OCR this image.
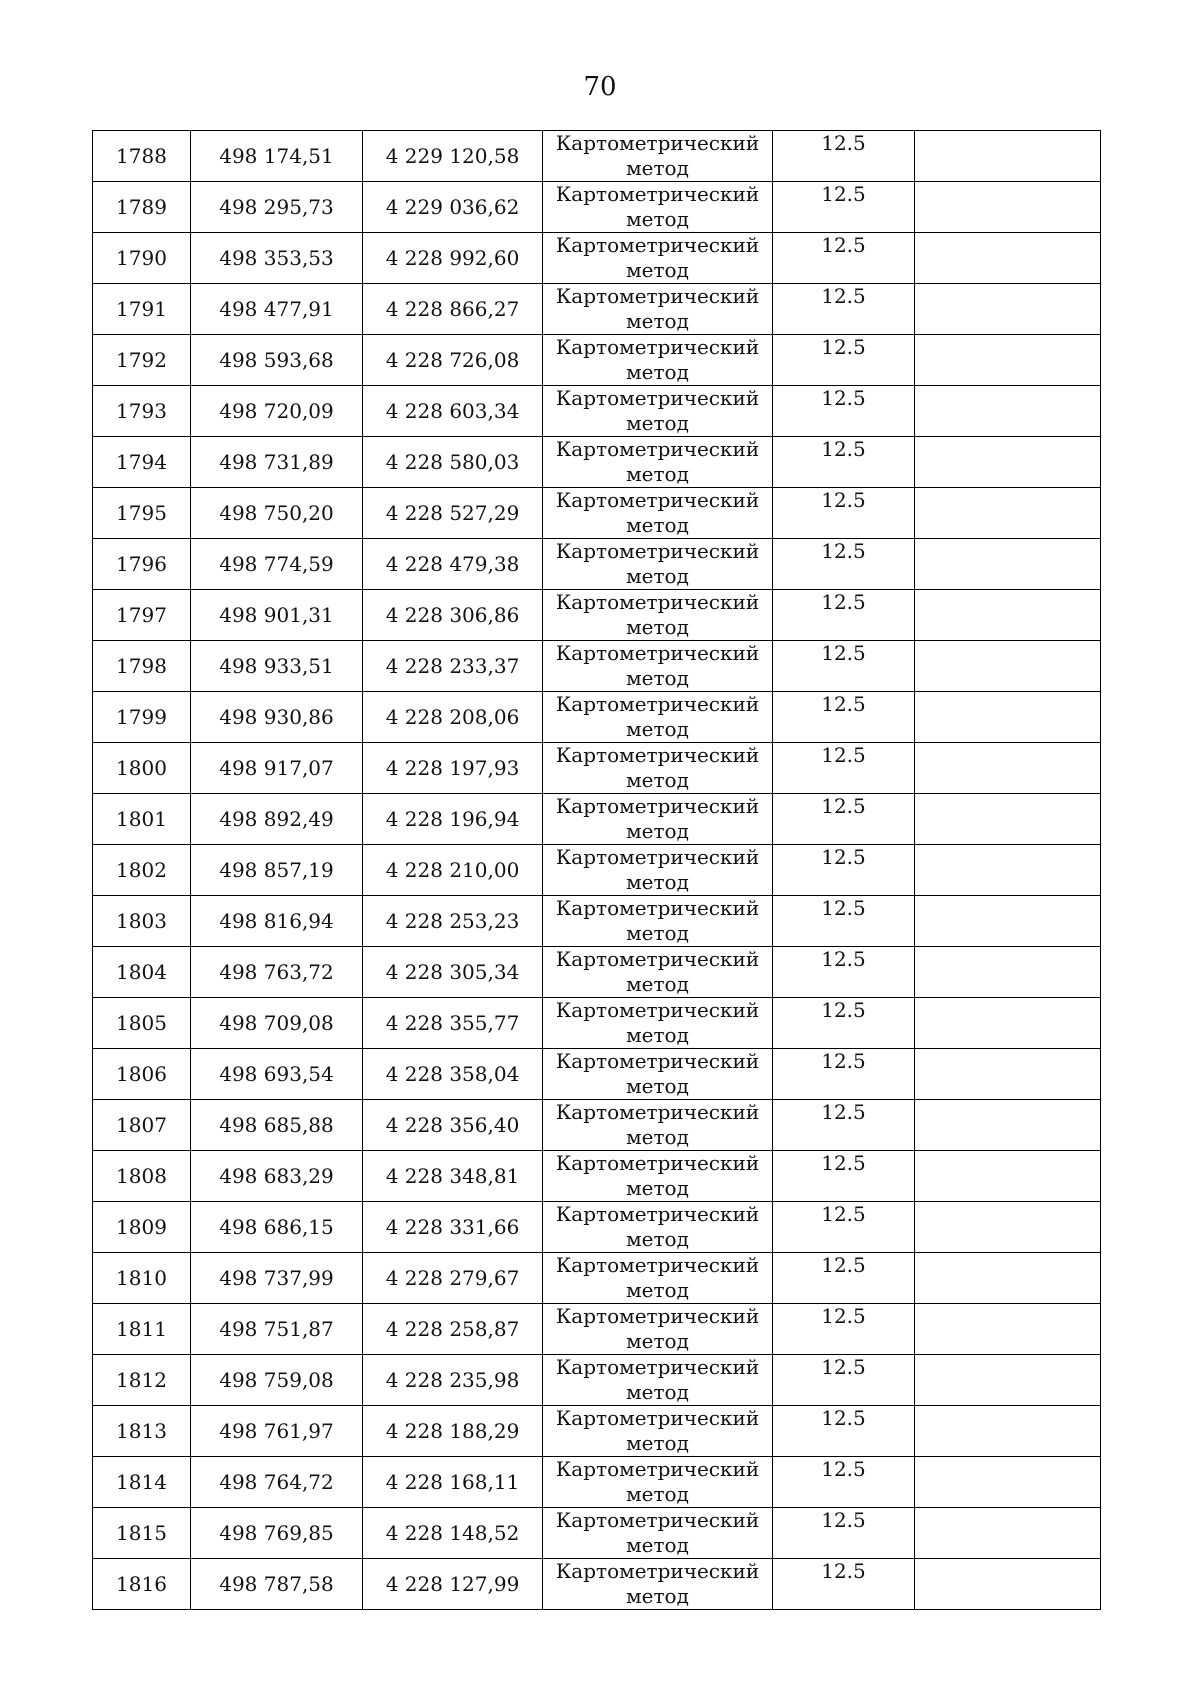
70
1788	498 174,51	4 229 120,58	Картометрический
метод	12.5	
1789	498 295,73	4 229 036,62	Картометрический
метод	12.5	
1790	498 353,53	4 228 992,60	Картометрический
метод	12.5	
1791	498 477,91	4 228 866,27	Картометрический
метод	12.5	
1792	498 593,68	4 228 726,08	Картометрический
метод	12.5	
1793	498 720,09	4 228 603,34	Картометрический
метод	12.5	
1794	498 731,89	4 228 580,03	Картометрический
метод	12.5	
1795	498 750,20	4 228 527,29	Картометрический
метод	12.5	
1796	498 774,59	4 228 479,38	Картометрический
метод	12.5	
1797	498 901,31	4 228 306,86	Картометрический
метод	12.5	
1798	498 933,51	4 228 233,37	Картометрический
метод	12.5	
1799	498 930,86	4 228 208,06	Картометрический
метод	12.5	
1800	498 917,07	4 228 197,93	Картометрический
метод	12.5	
1801	498 892,49	4 228 196,94	Картометрический
метод	12.5	
1802	498 857,19	4 228 210,00	Картометрический
метод	12.5	
1803	498 816,94	4 228 253,23	Картометрический
метод	12.5	
1804	498 763,72	4 228 305,34	Картометрический
метод	12.5	
1805	498 709,08	4 228 355,77	Картометрический
метод	12.5	
1806	498 693,54	4 228 358,04	Картометрический
метод	12.5	
1807	498 685,88	4 228 356,40	Картометрический
метод	12.5	
1808	498 683,29	4 228 348,81	Картометрический
метод	12.5	
1809	498 686,15	4 228 331,66	Картометрический
метод	12.5	
1810	498 737,99	4 228 279,67	Картометрический
метод	12.5	
1811	498 751,87	4 228 258,87	Картометрический
метод	12.5	
1812	498 759,08	4 228 235,98	Картометрический
метод	12.5	
1813	498 761,97	4 228 188,29	Картометрический
метод	12.5	
1814	498 764,72	4 228 168,11	Картометрический
метод	12.5	
1815	498 769,85	4 228 148,52	Картометрический
метод	12.5	
1816	498 787,58	4 228 127,99	Картометрический
метод	12.5	
